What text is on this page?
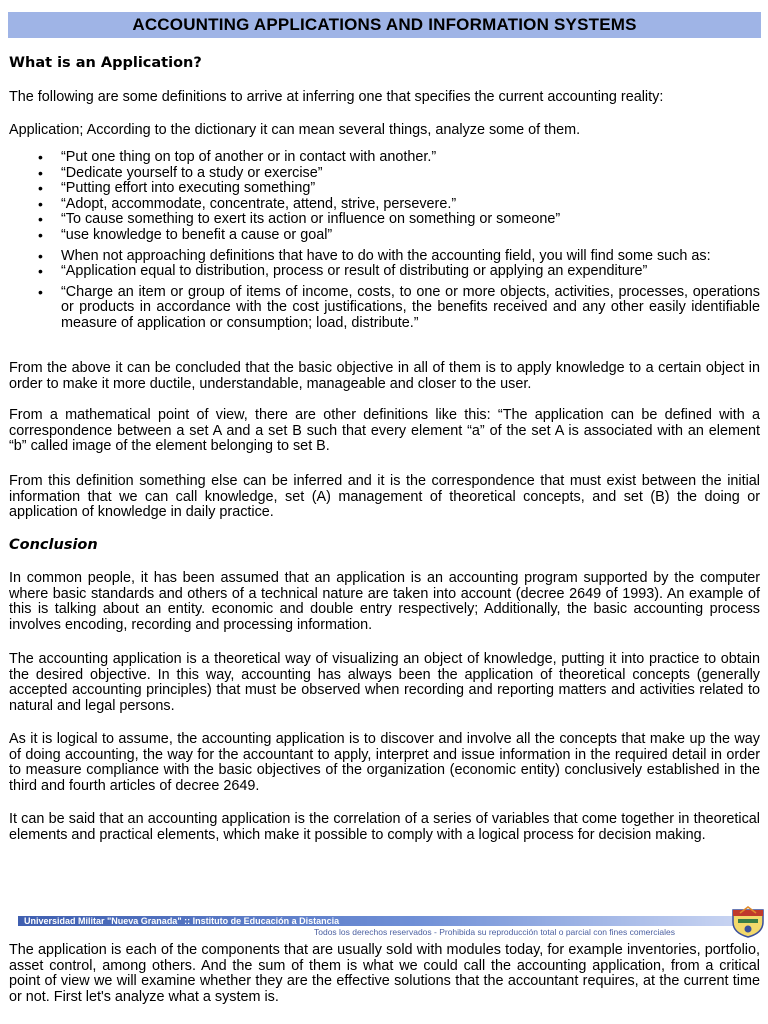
ACCOUNTING APPLICATIONS AND INFORMATION SYSTEMS
What is an Application?

The following are some definitions to arrive at inferring one that specifies the current accounting reality:

Application; According to the dictionary it can mean several things, analyze some of them.

• “Put one thing on top of another or in contact with another.”
• “Dedicate yourself to a study or exercise”
• “Putting effort into executing something”
• “Adopt, accommodate, concentrate, attend, strive, persevere.”
• “To cause something to exert its action or influence on something or someone”
• “use knowledge to benefit a cause or goal”
• When not approaching definitions that have to do with the accounting field, you will find some such as:
• “Application equal to distribution, process or result of distributing or applying an expenditure”
• “Charge an item or group of items of income, costs, to one or more objects, activities, processes, operations or products in accordance with the cost justifications, the benefits received and any other easily identifiable measure of application or consumption; load, distribute.”

From the above it can be concluded that the basic objective in all of them is to apply knowledge to a certain object in order to make it more ductile, understandable, manageable and closer to the user.

From a mathematical point of view, there are other definitions like this: “The application can be defined with a correspondence between a set A and a set B such that every element “a” of the set A is associated with an element “b” called image of the element belonging to set B.

From this definition something else can be inferred and it is the correspondence that must exist between the initial information that we can call knowledge, set (A) management of theoretical concepts, and set (B) the doing or application of knowledge in daily practice.

Conclusion

In common people, it has been assumed that an application is an accounting program supported by the computer where basic standards and others of a technical nature are taken into account (decree 2649 of 1993). An example of this is talking about an entity. economic and double entry respectively; Additionally, the basic accounting process involves encoding, recording and processing information.

The accounting application is a theoretical way of visualizing an object of knowledge, putting it into practice to obtain the desired objective. In this way, accounting has always been the application of theoretical concepts (generally accepted accounting principles) that must be observed when recording and reporting matters and activities related to natural and legal persons.

As it is logical to assume, the accounting application is to discover and involve all the concepts that make up the way of doing accounting, the way for the accountant to apply, interpret and issue information in the required detail in order to measure compliance with the basic objectives of the organization (economic entity) conclusively established in the third and fourth articles of decree 2649.

It can be said that an accounting application is the correlation of a series of variables that come together in theoretical elements and practical elements, which make it possible to comply with a logical process for decision making.

Universidad Militar "Nueva Granada" :: Instituto de Educación a Distancia
Todos los derechos reservados - Prohibida su reproducción total o parcial con fines comerciales

The application is each of the components that are usually sold with modules today, for example inventories, portfolio, asset control, among others. And the sum of them is what we could call the accounting application, from a critical point of view we will examine whether they are the effective solutions that the accountant requires, at the current time or not. First let's analyze what a system is.
